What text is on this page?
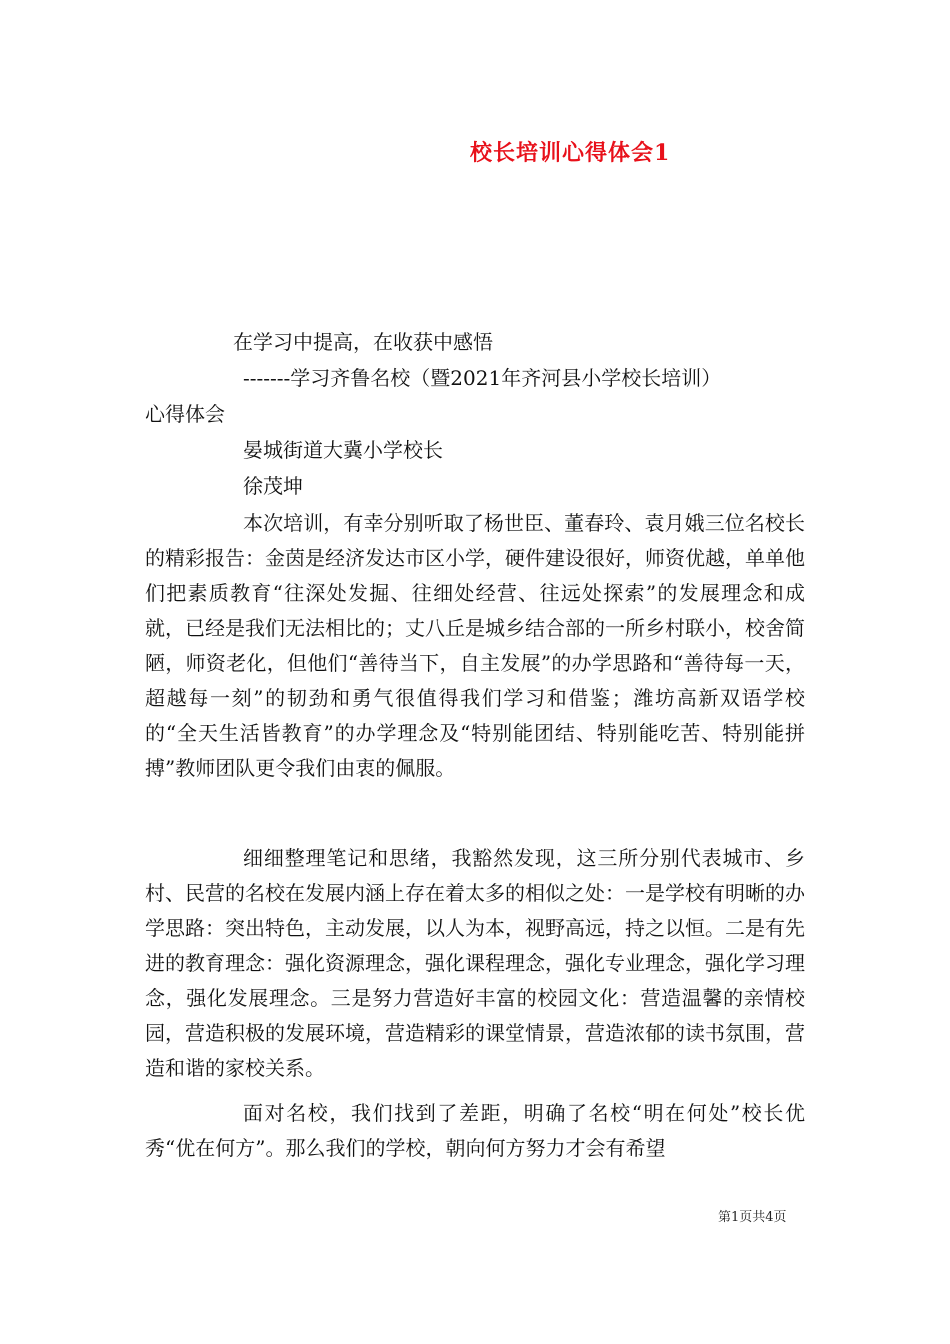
校长培训心得体会1
在学习中提高，在收获中感悟
-------学习齐鲁名校（暨2021年齐河县小学校长培训）
心得体会
晏城街道大冀小学校长
徐茂坤

本次培训，有幸分别听取了杨世臣、董春玲、袁月娥三位名校长的精彩报告：金茵是经济发达市区小学，硬件建设很好，师资优越，单单他们把素质教育“往深处发掘、往细处经营、往远处探索”的发展理念和成就，已经是我们无法相比的；丈八丘是城乡结合部的一所乡村联小，校舍简陋，师资老化，但他们“善待当下，自主发展”的办学思路和“善待每一天，超越每一刻”的韧劲和勇气很值得我们学习和借鉴；潍坊高新双语学校的“全天生活皆教育”的办学理念及“特别能团结、特别能吃苦、特别能拼搏”教师团队更令我们由衷的佩服。

细细整理笔记和思绪，我豁然发现，这三所分别代表城市、乡村、民营的名校在发展内涵上存在着太多的相似之处：一是学校有明晰的办学思路：突出特色，主动发展，以人为本，视野高远，持之以恒。二是有先进的教育理念：强化资源理念，强化课程理念，强化专业理念，强化学习理念，强化发展理念。三是努力营造好丰富的校园文化：营造温馨的亲情校园，营造积极的发展环境，营造精彩的课堂情景，营造浓郁的读书氛围，营造和谐的家校关系。

面对名校，我们找到了差距，明确了名校“明在何处”校长优秀“优在何方”。那么我们的学校，朝向何方努力才会有希望

第1页共4页
